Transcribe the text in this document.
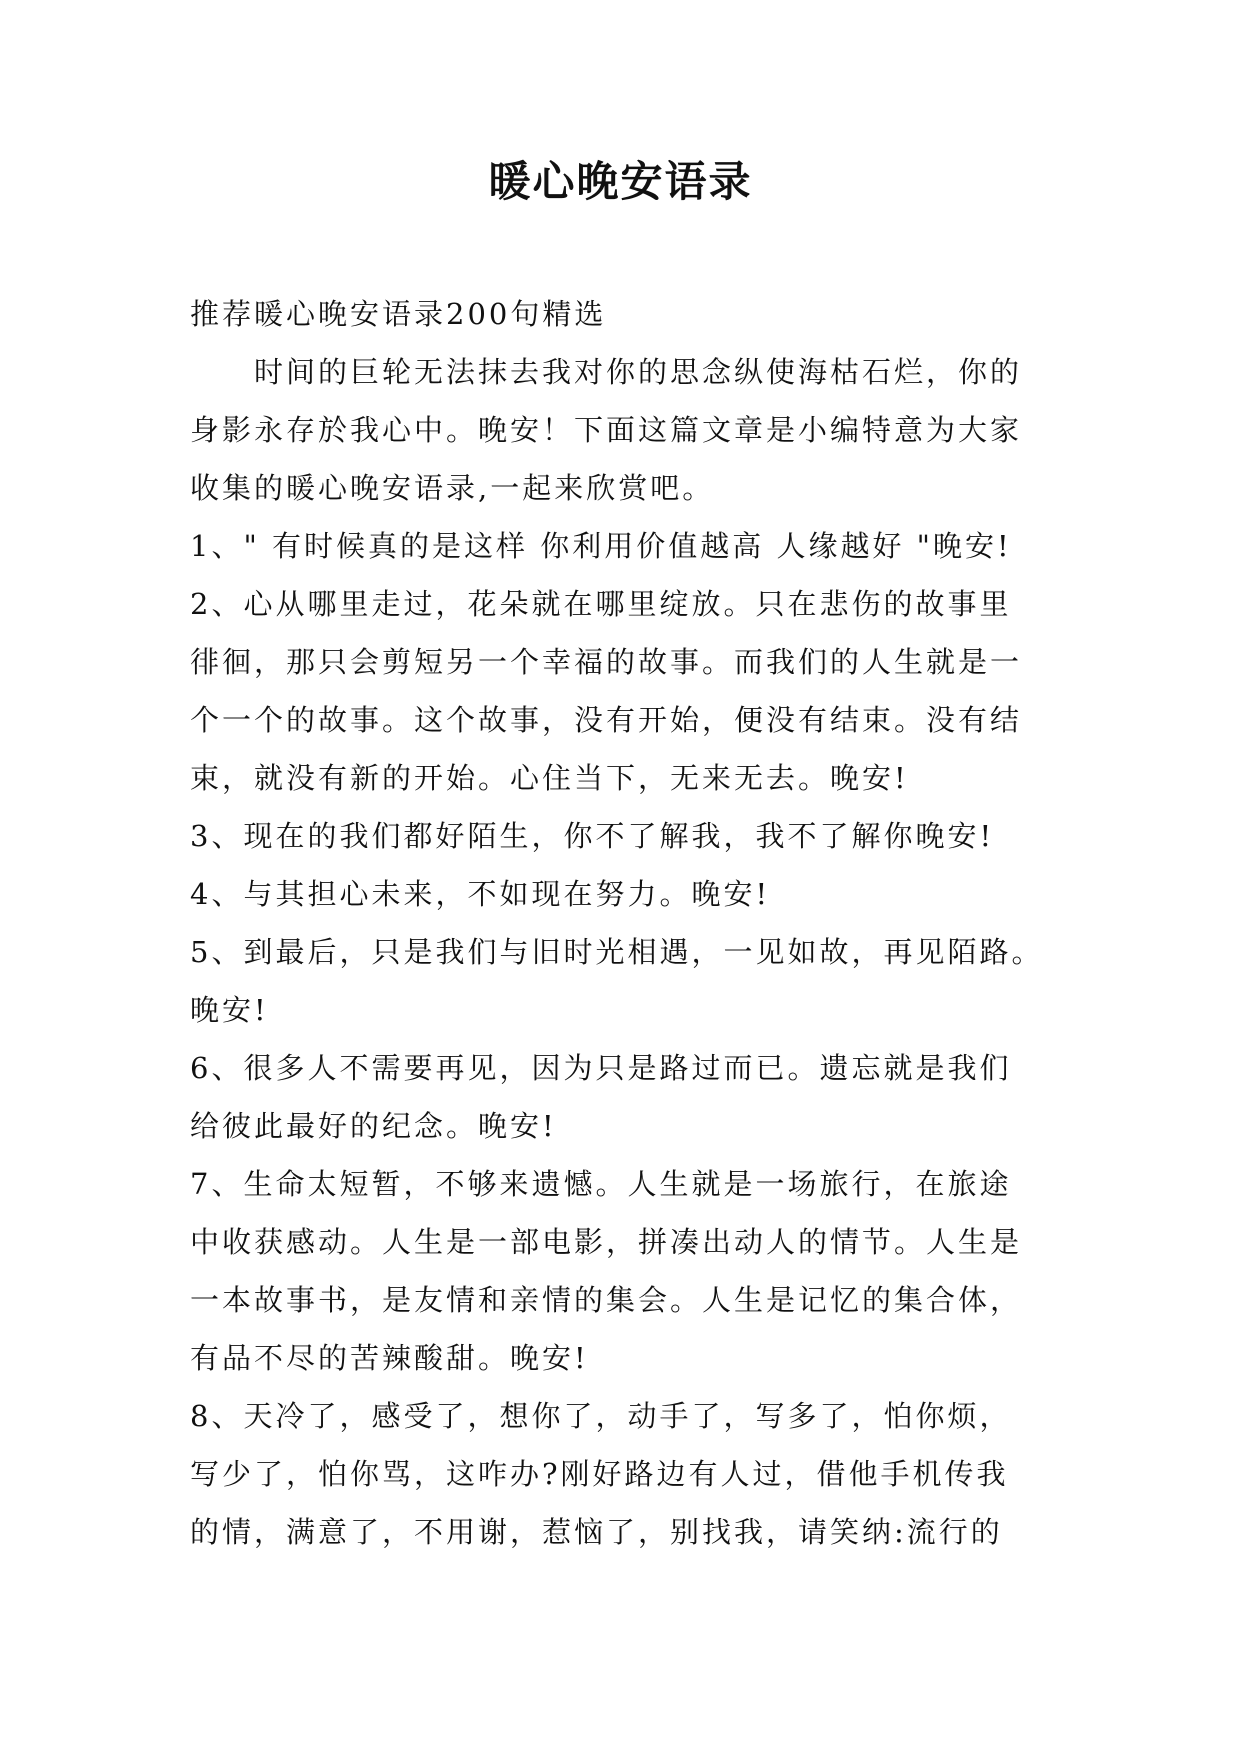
暖心晚安语录
推荐暖心晚安语录200句精选
时间的巨轮无法抹去我对你的思念纵使海枯石烂，你的
身影永存於我心中。晚安！下面这篇文章是小编特意为大家
收集的暖心晚安语录,一起来欣赏吧。
1、" 有时候真的是这样 你利用价值越高 人缘越好 "晚安!
2、心从哪里走过，花朵就在哪里绽放。只在悲伤的故事里
徘徊，那只会剪短另一个幸福的故事。而我们的人生就是一
个一个的故事。这个故事，没有开始，便没有结束。没有结
束，就没有新的开始。心住当下，无来无去。晚安!
3、现在的我们都好陌生，你不了解我，我不了解你晚安!
4、与其担心未来，不如现在努力。晚安!
5、到最后，只是我们与旧时光相遇，一见如故，再见陌路。
晚安!
6、很多人不需要再见，因为只是路过而已。遗忘就是我们
给彼此最好的纪念。晚安!
7、生命太短暂，不够来遗憾。人生就是一场旅行，在旅途
中收获感动。人生是一部电影，拼凑出动人的情节。人生是
一本故事书，是友情和亲情的集会。人生是记忆的集合体，
有品不尽的苦辣酸甜。晚安!
8、天冷了，感受了，想你了，动手了，写多了，怕你烦，
写少了，怕你骂，这咋办?刚好路边有人过，借他手机传我
的情，满意了，不用谢，惹恼了，别找我，请笑纳:流行的
